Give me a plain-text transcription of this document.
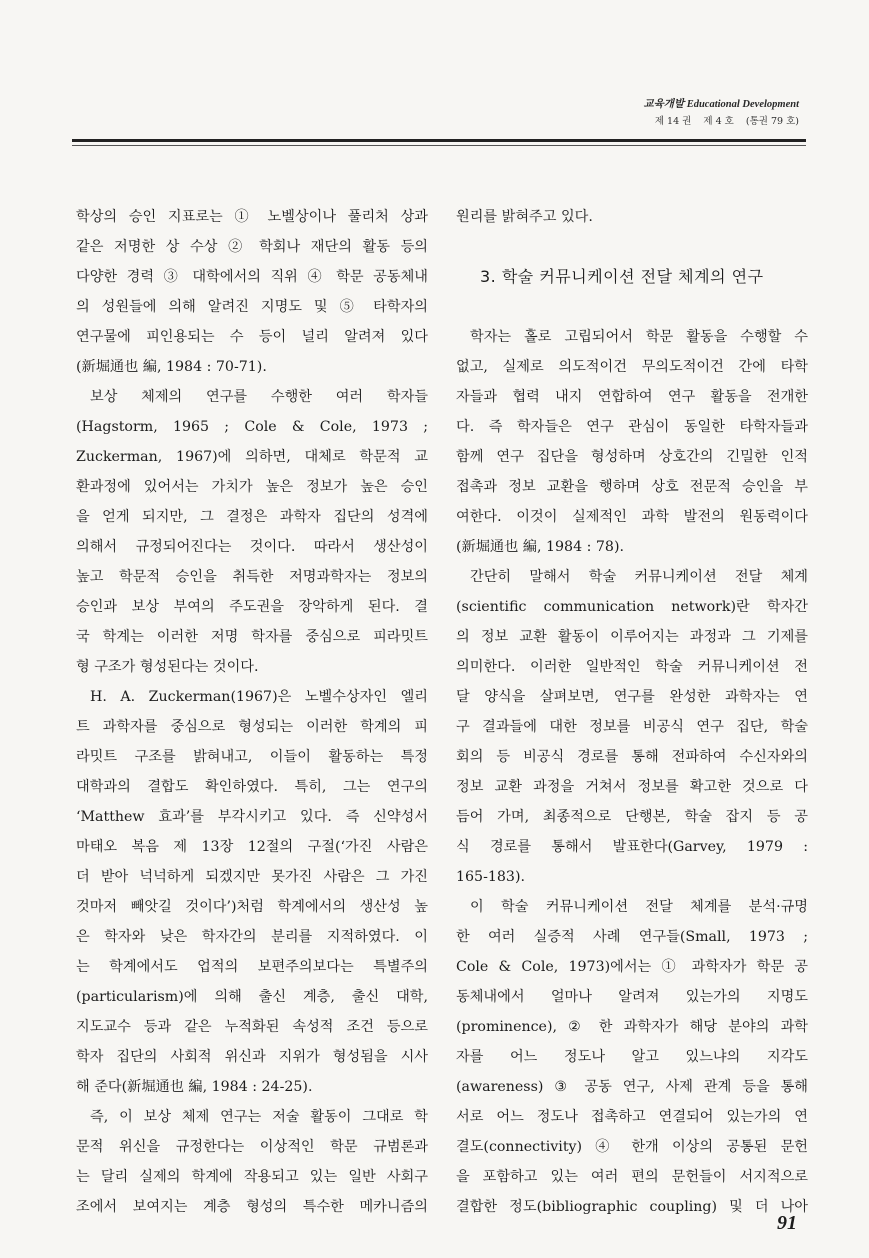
교육개발 Educational Development
제 14 권    제 4 호    (통권 79 호)
학상의 승인 지표로는 ① 노벨상이나 풀리처 상과
같은 저명한 상 수상 ② 학회나 재단의 활동 등의
다양한 경력 ③ 대학에서의 직위 ④ 학문 공동체내
의 성원들에 의해 알려진 지명도 및 ⑤ 타학자의
연구물에 피인용되는 수 등이 널리 알려져 있다
(新堀通也 編, 1984 : 70-71).
보상 체제의 연구를 수행한 여러 학자들
(Hagstorm, 1965 ; Cole & Cole, 1973 ;
Zuckerman, 1967)에 의하면, 대체로 학문적 교
환과정에 있어서는 가치가 높은 정보가 높은 승인
을 얻게 되지만, 그 결정은 과학자 집단의 성격에
의해서 규정되어진다는 것이다. 따라서 생산성이
높고 학문적 승인을 취득한 저명과학자는 정보의
승인과 보상 부여의 주도권을 장악하게 된다. 결
국 학계는 이러한 저명 학자를 중심으로 피라밋트
형 구조가 형성된다는 것이다.
H. A. Zuckerman(1967)은 노벨수상자인 엘리
트 과학자를 중심으로 형성되는 이러한 학계의 피
라밋트 구조를 밝혀내고, 이들이 활동하는 특정
대학과의 결합도 확인하였다. 특히, 그는 연구의
‘Matthew 효과’를 부각시키고 있다. 즉 신약성서
마태오 복음 제 13장 12절의 구절(‘가진 사람은
더 받아 넉넉하게 되겠지만 못가진 사람은 그 가진
것마저 빼앗길 것이다’)처럼 학계에서의 생산성 높
은 학자와 낮은 학자간의 분리를 지적하였다. 이
는 학계에서도 업적의 보편주의보다는 특별주의
(particularism)에 의해 출신 계층, 출신 대학,
지도교수 등과 같은 누적화된 속성적 조건 등으로
학자 집단의 사회적 위신과 지위가 형성됨을 시사
해 준다(新堀通也 編, 1984 : 24-25).
즉, 이 보상 체제 연구는 저술 활동이 그대로 학
문적 위신을 규정한다는 이상적인 학문 규범론과
는 달리 실제의 학계에 작용되고 있는 일반 사회구
조에서 보여지는 계층 형성의 특수한 메카니즘의
원리를 밝혀주고 있다.
3. 학술 커뮤니케이션 전달 체계의 연구
학자는 홀로 고립되어서 학문 활동을 수행할 수
없고, 실제로 의도적이건 무의도적이건 간에 타학
자들과 협력 내지 연합하여 연구 활동을 전개한
다. 즉 학자들은 연구 관심이 동일한 타학자들과
함께 연구 집단을 형성하며 상호간의 긴밀한 인적
접촉과 정보 교환을 행하며 상호 전문적 승인을 부
여한다. 이것이 실제적인 과학 발전의 원동력이다
(新堀通也 編, 1984 : 78).
간단히 말해서 학술 커뮤니케이션 전달 체계
(scientific communication network)란 학자간
의 정보 교환 활동이 이루어지는 과정과 그 기제를
의미한다. 이러한 일반적인 학술 커뮤니케이션 전
달 양식을 살펴보면, 연구를 완성한 과학자는 연
구 결과들에 대한 정보를 비공식 연구 집단, 학술
회의 등 비공식 경로를 통해 전파하여 수신자와의
정보 교환 과정을 거쳐서 정보를 확고한 것으로 다
듬어 가며, 최종적으로 단행본, 학술 잡지 등 공
식 경로를 통해서 발표한다(Garvey, 1979 :
165-183).
이 학술 커뮤니케이션 전달 체계를 분석·규명
한 여러 실증적 사례 연구들(Small, 1973 ;
Cole & Cole, 1973)에서는 ① 과학자가 학문 공
동체내에서 얼마나 알려져 있는가의 지명도
(prominence), ② 한 과학자가 해당 분야의 과학
자를 어느 정도나 알고 있느냐의 지각도
(awareness) ③ 공동 연구, 사제 관계 등을 통해
서로 어느 정도나 접촉하고 연결되어 있는가의 연
결도(connectivity) ④ 한개 이상의 공통된 문헌
을 포함하고 있는 여러 편의 문헌들이 서지적으로
결합한 정도(bibliographic coupling) 및 더 나아
91
